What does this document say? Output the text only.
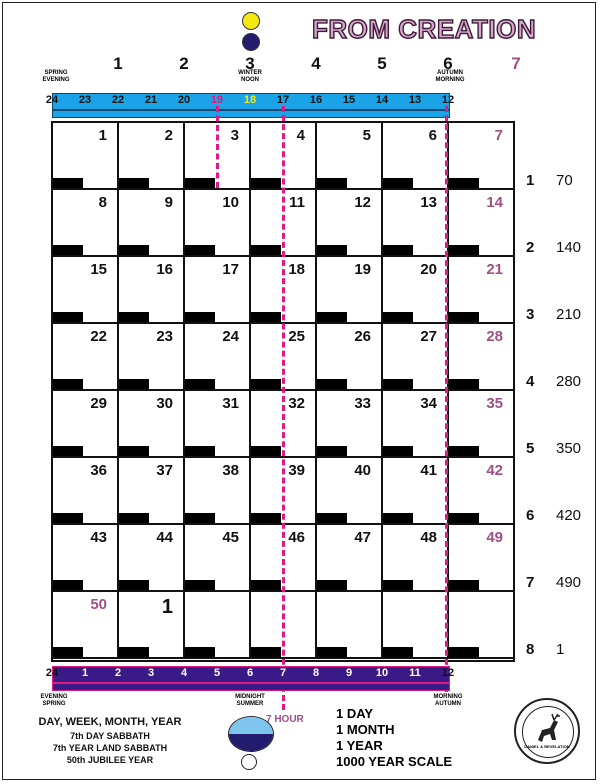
FROM CREATION
1	2	3	4	5	6	7
SPRING EVENING
WINTER NOON
AUTUMN MORNING
24	23	22	21	20	19	18	17	16	15	14	13	12
1	2	3	4	5	6	7
8	9	10	11	12	13	14
15	16	17	18	19	20	21
22	23	24	25	26	27	28
29	30	31	32	33	34	35
36	37	38	39	40	41	42
43	44	45	46	47	48	49
50	1
1 70
2 140
3 210
4 280
5 350
6 420
7 490
8 1
24	1	2	3	4	5	6	7	8	9	10	11	12
EVENING SPRING
MIDNIGHT SUMMER
MORNING AUTUMN
DAY, WEEK, MONTH, YEAR
7th DAY SABBATH
7th YEAR LAND SABBATH
50th JUBILEE YEAR
7 HOUR 1 DAY
1 MONTH
1 YEAR
1000 YEAR SCALE
DANIEL & REVELATION
